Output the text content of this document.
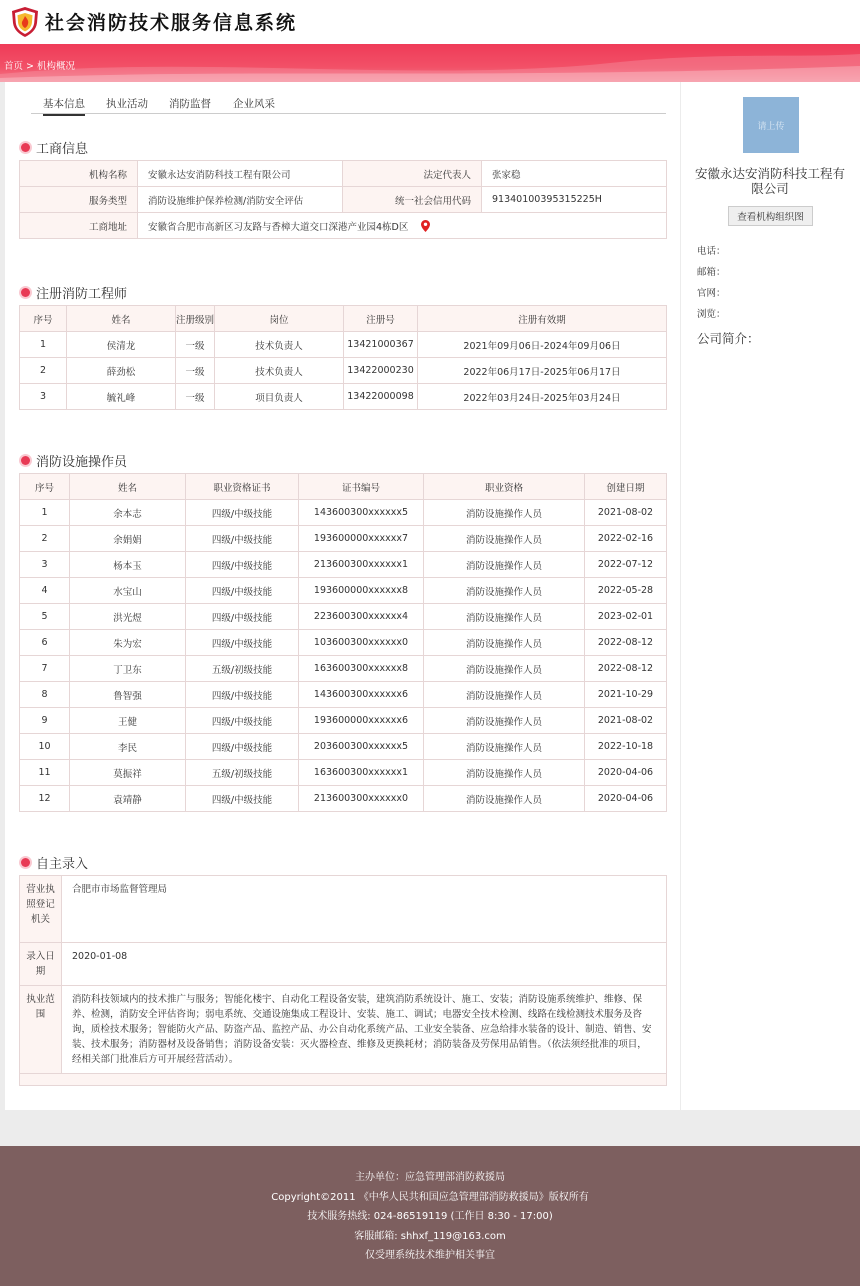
社会消防技术服务信息系统
首页 > 机构概况
基本信息 执业活动 消防监督 企业风采
工商信息
机构名称	安徽永达安消防科技工程有限公司	法定代表人	张家稳
服务类型	消防设施维护保养检测/消防安全评估	统一社会信用代码	91340100395315225H
工商地址	安徽省合肥市高新区习友路与香樟大道交口深港产业园4栋D区		
注册消防工程师
序号	姓名	注册级别	岗位	注册号	注册有效期
1	侯清龙	一级	技术负责人	13421000367	2021年09月06日-2024年09月06日
2	薛劲松	一级	技术负责人	13422000230	2022年06月17日-2025年06月17日
3	毓礼峰	一级	项目负责人	13422000098	2022年03月24日-2025年03月24日
消防设施操作员
序号	姓名	职业资格证书	证书编号	职业资格	创建日期
1	余本志	四级/中级技能	143600300xxxxxx5	消防设施操作人员	2021-08-02
2	余娟娟	四级/中级技能	193600000xxxxxx7	消防设施操作人员	2022-02-16
3	杨本玉	四级/中级技能	213600300xxxxxx1	消防设施操作人员	2022-07-12
4	水宝山	四级/中级技能	193600000xxxxxx8	消防设施操作人员	2022-05-28
5	洪光煜	四级/中级技能	223600300xxxxxx4	消防设施操作人员	2023-02-01
6	朱为宏	四级/中级技能	103600300xxxxxx0	消防设施操作人员	2022-08-12
7	丁卫东	五级/初级技能	163600300xxxxxx8	消防设施操作人员	2022-08-12
8	鲁智强	四级/中级技能	143600300xxxxxx6	消防设施操作人员	2021-10-29
9	王健	四级/中级技能	193600000xxxxxx6	消防设施操作人员	2021-08-02
10	李民	四级/中级技能	203600300xxxxxx5	消防设施操作人员	2022-10-18
11	莫振祥	五级/初级技能	163600300xxxxxx1	消防设施操作人员	2020-04-06
12	袁靖静	四级/中级技能	213600300xxxxxx0	消防设施操作人员	2020-04-06
自主录入
营业执照登记机关	合肥市市场监督管理局
录入日期	2020-01-08
执业范围	消防科技领域内的技术推广与服务；智能化楼宇、自动化工程设备安装，建筑消防系统设计、施工、安装；消防设施系统维护、维修、保养、检测，消防安全评估咨询；弱电系统、交通设施集成工程设计、安装、施工、调试；电器安全技术检测、线路在线检测技术服务及咨询，质检技术服务；智能防火产品、防盗产品、监控产品、办公自动化系统产品、工业安全装备、应急给排水装备的设计、制造、销售、安装、技术服务；消防器材及设备销售；消防设备安装：灭火器检查、维修及更换耗材；消防装备及劳保用品销售。（依法须经批准的项目，经相关部门批准后方可开展经营活动）。

请上传
安徽永达安消防科技工程有限公司
查看机构组织图
电话：
邮箱：
官网：
浏览：
公司简介：
主办单位：应急管理部消防救援局
Copyright©2011 《中华人民共和国应急管理部消防救援局》版权所有
技术服务热线: 024-86519119 (工作日 8:30 - 17:00)
客服邮箱: shhxf_119@163.com
仅受理系统技术维护相关事宜
